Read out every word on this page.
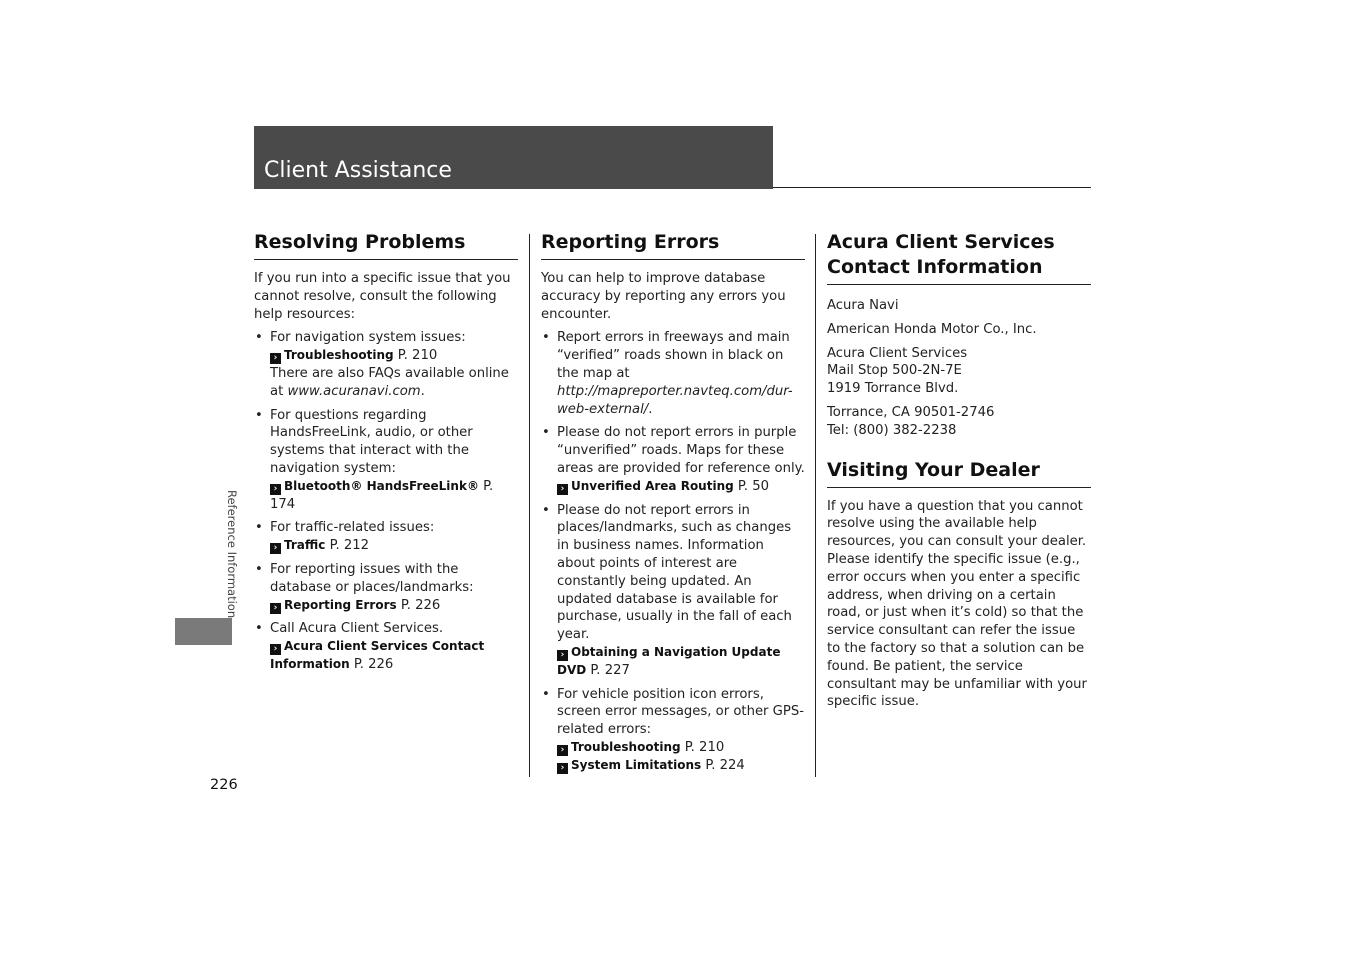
Client Assistance
Reference Information
226
Resolving Problems

If you run into a specific issue that you cannot resolve, consult the following help resources:

• For navigation system issues:
› Troubleshooting P. 210
There are also FAQs available online at www.acuranavi.com.
• For questions regarding HandsFreeLink, audio, or other systems that interact with the navigation system:
› Bluetooth® HandsFreeLink® P. 174
• For traffic-related issues:
› Traffic P. 212
• For reporting issues with the database or places/landmarks:
› Reporting Errors P. 226
• Call Acura Client Services.
› Acura Client Services Contact Information P. 226
Reporting Errors

You can help to improve database accuracy by reporting any errors you encounter.

• Report errors in freeways and main “verified” roads shown in black on the map at http://mapreporter.navteq.com/dur-web-external/.
• Please do not report errors in purple “unverified” roads. Maps for these areas are provided for reference only.
› Unverified Area Routing P. 50
• Please do not report errors in places/landmarks, such as changes in business names. Information about points of interest are constantly being updated. An updated database is available for purchase, usually in the fall of each year.
› Obtaining a Navigation Update DVD P. 227
• For vehicle position icon errors, screen error messages, or other GPS-related errors:
› Troubleshooting P. 210
› System Limitations P. 224
Acura Client Services Contact Information

Acura Navi

American Honda Motor Co., Inc.

Acura Client Services
Mail Stop 500-2N-7E
1919 Torrance Blvd.

Torrance, CA 90501-2746
Tel: (800) 382-2238

Visiting Your Dealer

If you have a question that you cannot resolve using the available help resources, you can consult your dealer. Please identify the specific issue (e.g., error occurs when you enter a specific address, when driving on a certain road, or just when it’s cold) so that the service consultant can refer the issue to the factory so that a solution can be found. Be patient, the service consultant may be unfamiliar with your specific issue.
